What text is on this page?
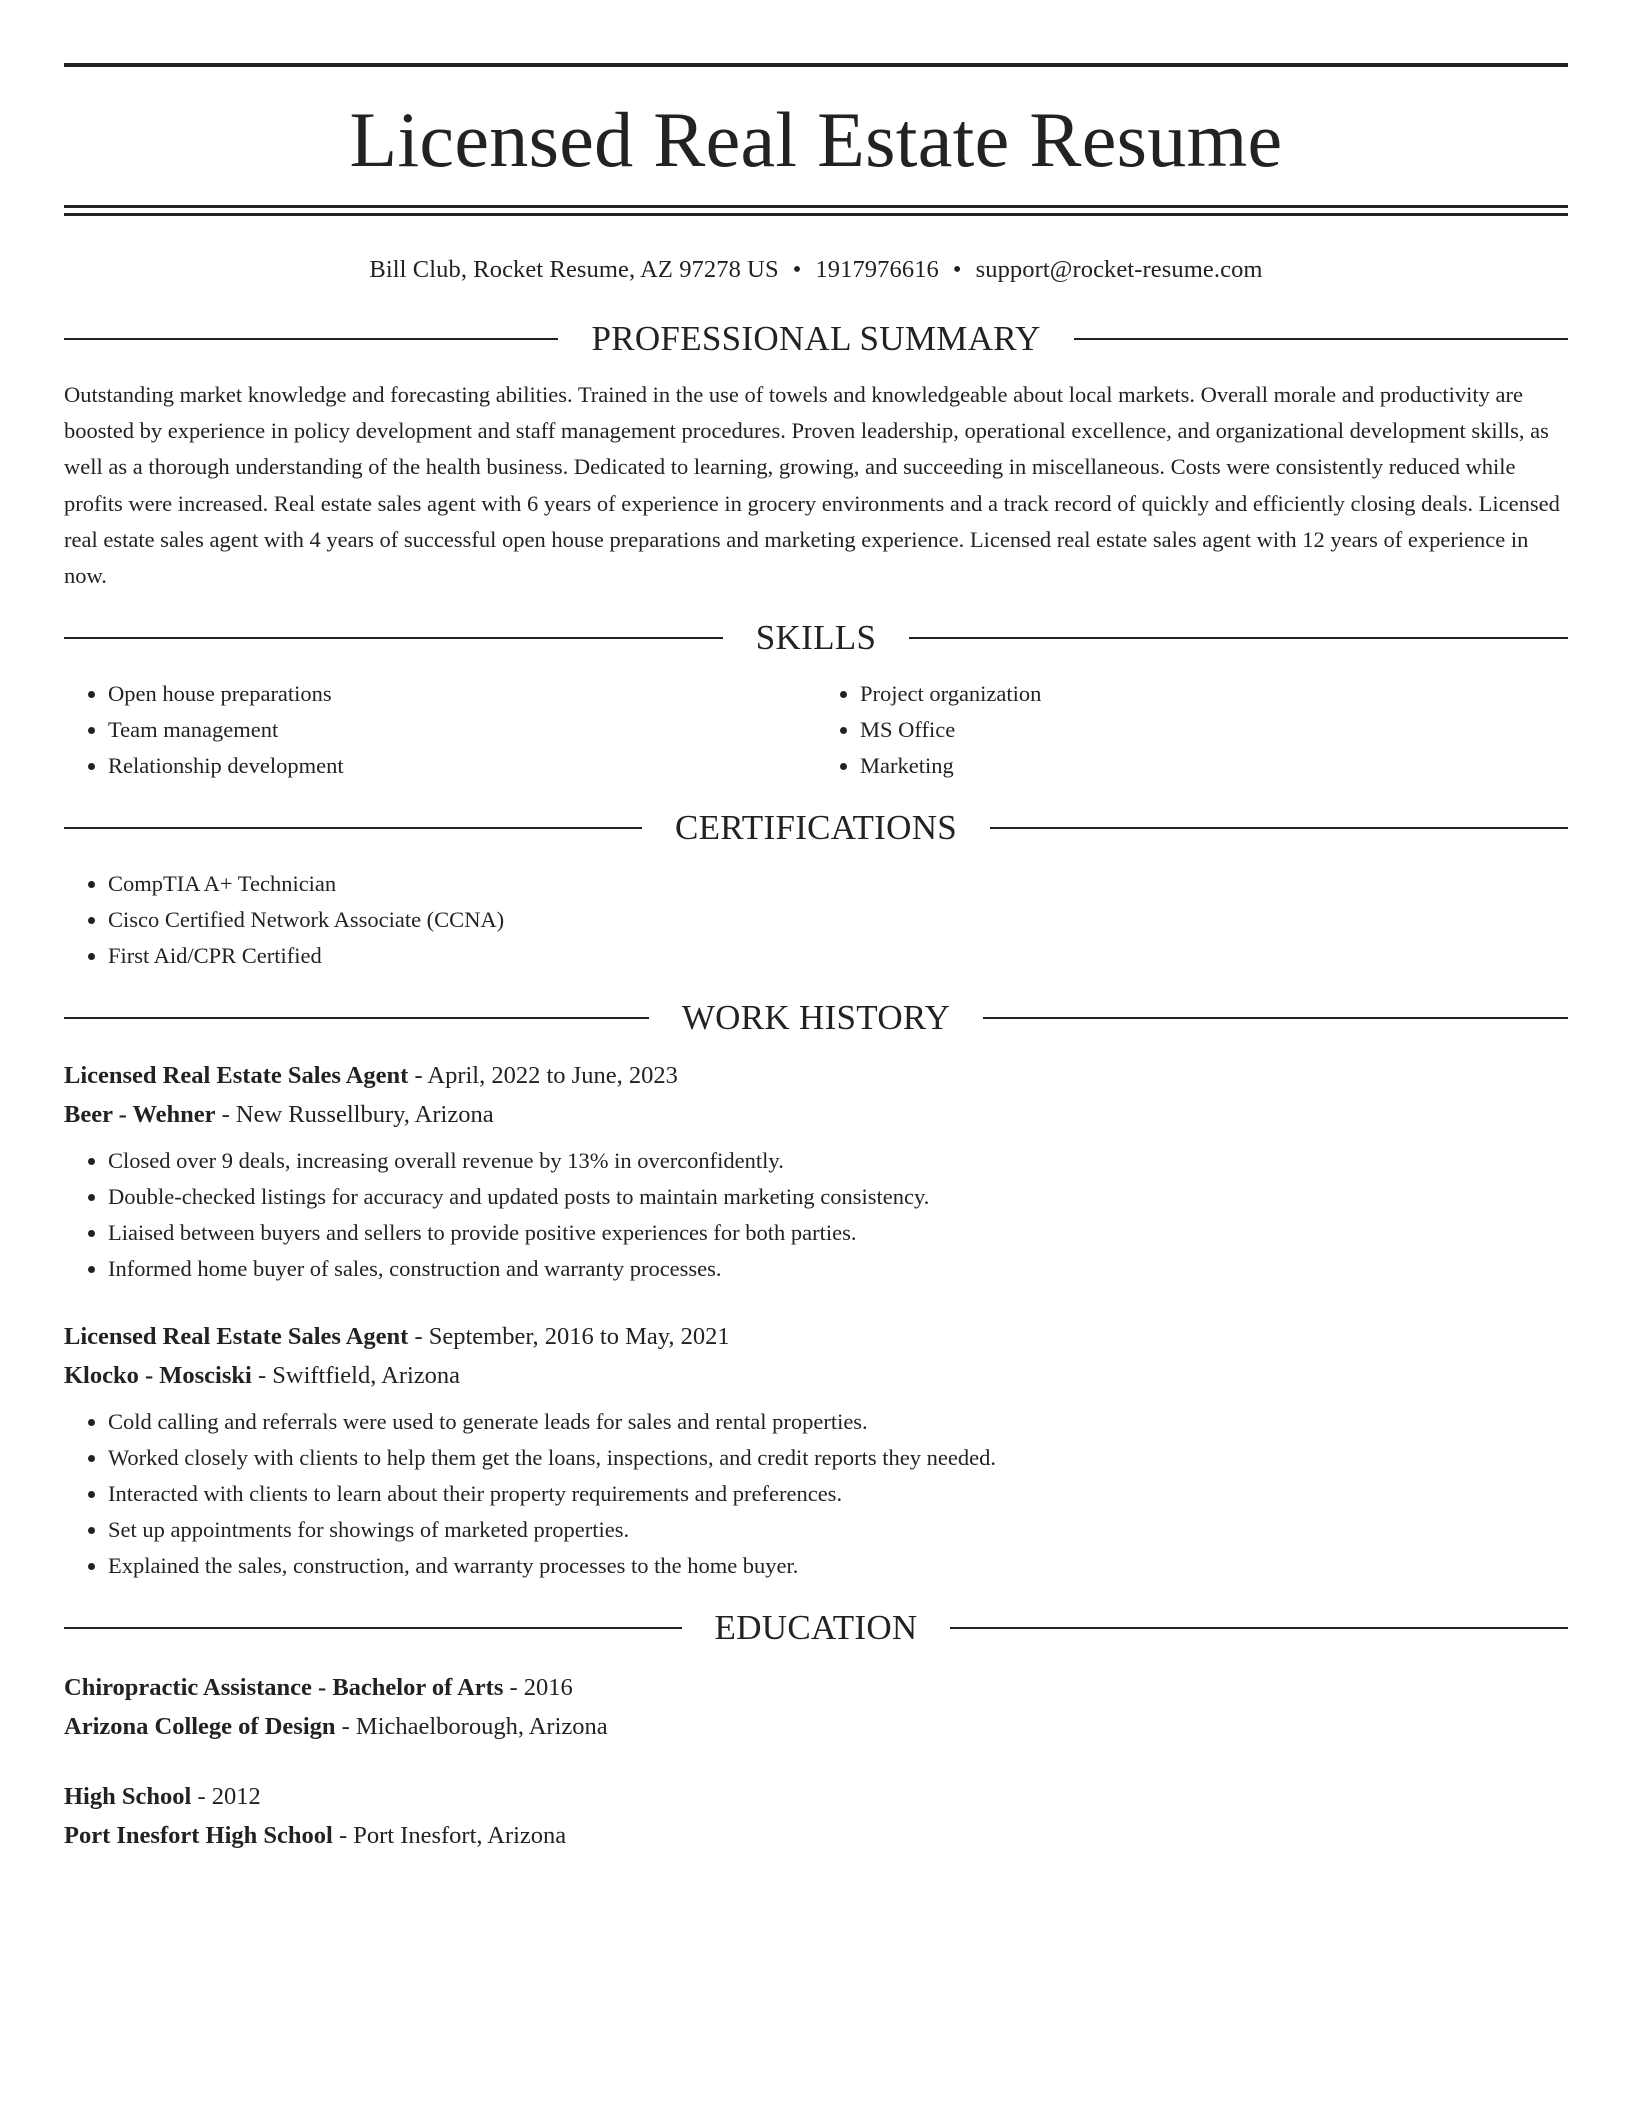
Licensed Real Estate Resume
Bill Club, Rocket Resume, AZ 97278 US • 1917976616 • support@rocket-resume.com
PROFESSIONAL SUMMARY

Outstanding market knowledge and forecasting abilities. Trained in the use of towels and knowledgeable about local markets. Overall morale and productivity are boosted by experience in policy development and staff management procedures. Proven leadership, operational excellence, and organizational development skills, as well as a thorough understanding of the health business. Dedicated to learning, growing, and succeeding in miscellaneous. Costs were consistently reduced while profits were increased. Real estate sales agent with 6 years of experience in grocery environments and a track record of quickly and efficiently closing deals. Licensed real estate sales agent with 4 years of successful open house preparations and marketing experience. Licensed real estate sales agent with 12 years of experience in now.

SKILLS
• Open house preparations
• Team management
• Relationship development
• Project organization
• MS Office
• Marketing
CERTIFICATIONS
• CompTIA A+ Technician
• Cisco Certified Network Associate (CCNA)
• First Aid/CPR Certified
WORK HISTORY
Licensed Real Estate Sales Agent - April, 2022 to June, 2023
Beer - Wehner - New Russellbury, Arizona
• Closed over 9 deals, increasing overall revenue by 13% in overconfidently.
• Double-checked listings for accuracy and updated posts to maintain marketing consistency.
• Liaised between buyers and sellers to provide positive experiences for both parties.
• Informed home buyer of sales, construction and warranty processes.
Licensed Real Estate Sales Agent - September, 2016 to May, 2021
Klocko - Mosciski - Swiftfield, Arizona
• Cold calling and referrals were used to generate leads for sales and rental properties.
• Worked closely with clients to help them get the loans, inspections, and credit reports they needed.
• Interacted with clients to learn about their property requirements and preferences.
• Set up appointments for showings of marketed properties.
• Explained the sales, construction, and warranty processes to the home buyer.
EDUCATION
Chiropractic Assistance - Bachelor of Arts - 2016
Arizona College of Design - Michaelborough, Arizona
High School - 2012
Port Inesfort High School - Port Inesfort, Arizona
